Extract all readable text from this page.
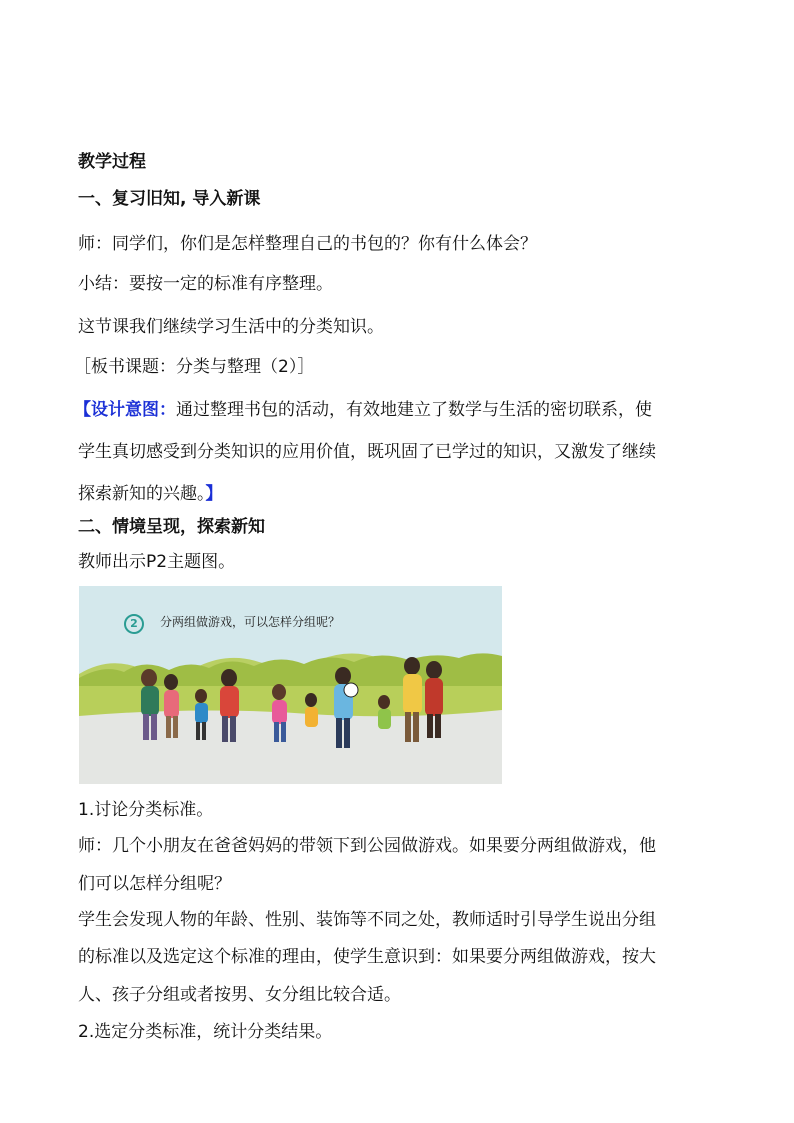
教学过程

一、复习旧知, 导入新课

师：同学们，你们是怎样整理自己的书包的？你有什么体会？

小结：要按一定的标准有序整理。

这节课我们继续学习生活中的分类知识。

［板书课题：分类与整理（2）］

【设计意图：通过整理书包的活动，有效地建立了数学与生活的密切联系，使

学生真切感受到分类知识的应用价值，既巩固了已学过的知识，又激发了继续

探索新知的兴趣。】

二、情境呈现，探索新知

教师出示P2主题图。

2	分两组做游戏，可以怎样分组呢？

1.讨论分类标准。

师：几个小朋友在爸爸妈妈的带领下到公园做游戏。如果要分两组做游戏，他

们可以怎样分组呢？

学生会发现人物的年龄、性别、装饰等不同之处，教师适时引导学生说出分组

的标准以及选定这个标准的理由，使学生意识到：如果要分两组做游戏，按大

人、孩子分组或者按男、女分组比较合适。

2.选定分类标准，统计分类结果。
